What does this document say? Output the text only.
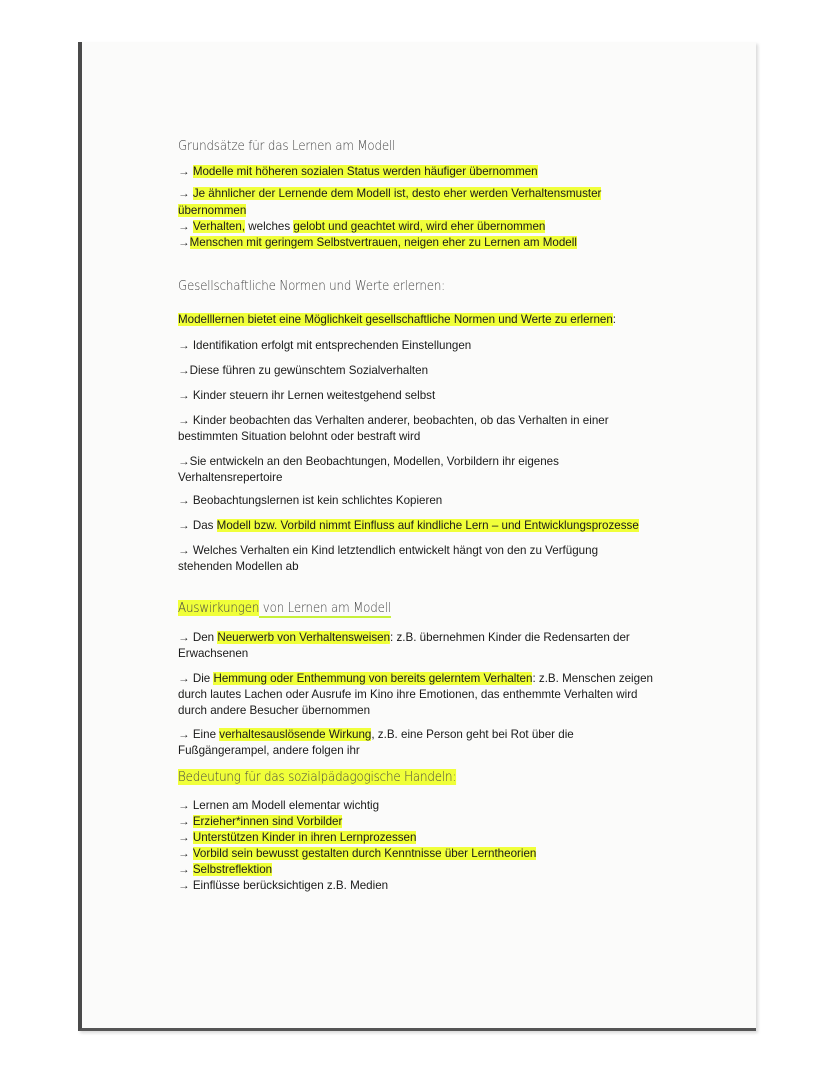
Grundsätze für das Lernen am Modell
→ Modelle mit höheren sozialen Status werden häufiger übernommen
→ Je ähnlicher der Lernende dem Modell ist, desto eher werden Verhaltensmuster
übernommen
→ Verhalten, welches gelobt und geachtet wird, wird eher übernommen
→Menschen mit geringem Selbstvertrauen, neigen eher zu Lernen am Modell
Gesellschaftliche Normen und Werte erlernen:
Modelllernen bietet eine Möglichkeit gesellschaftliche Normen und Werte zu erlernen:
→ Identifikation erfolgt mit entsprechenden Einstellungen
→Diese führen zu gewünschtem Sozialverhalten
→ Kinder steuern ihr Lernen weitestgehend selbst
→ Kinder beobachten das Verhalten anderer, beobachten, ob das Verhalten in einer
bestimmten Situation belohnt oder bestraft wird
→Sie entwickeln an den Beobachtungen, Modellen, Vorbildern ihr eigenes
Verhaltensrepertoire
→ Beobachtungslernen ist kein schlichtes Kopieren
→ Das Modell bzw. Vorbild nimmt Einfluss auf kindliche Lern – und Entwicklungsprozesse
→ Welches Verhalten ein Kind letztendlich entwickelt hängt von den zu Verfügung
stehenden Modellen ab
Auswirkungen von Lernen am Modell
→ Den Neuerwerb von Verhaltensweisen: z.B. übernehmen Kinder die Redensarten der
Erwachsenen
→ Die Hemmung oder Enthemmung von bereits gelerntem Verhalten: z.B. Menschen zeigen
durch lautes Lachen oder Ausrufe im Kino ihre Emotionen, das enthemmte Verhalten wird
durch andere Besucher übernommen
→ Eine verhaltesauslösende Wirkung, z.B. eine Person geht bei Rot über die
Fußgängerampel, andere folgen ihr
Bedeutung für das sozialpädagogische Handeln:
→ Lernen am Modell elementar wichtig
→ Erzieher*innen sind Vorbilder
→ Unterstützen Kinder in ihren Lernprozessen
→ Vorbild sein bewusst gestalten durch Kenntnisse über Lerntheorien
→ Selbstreflektion
→ Einflüsse berücksichtigen z.B. Medien
